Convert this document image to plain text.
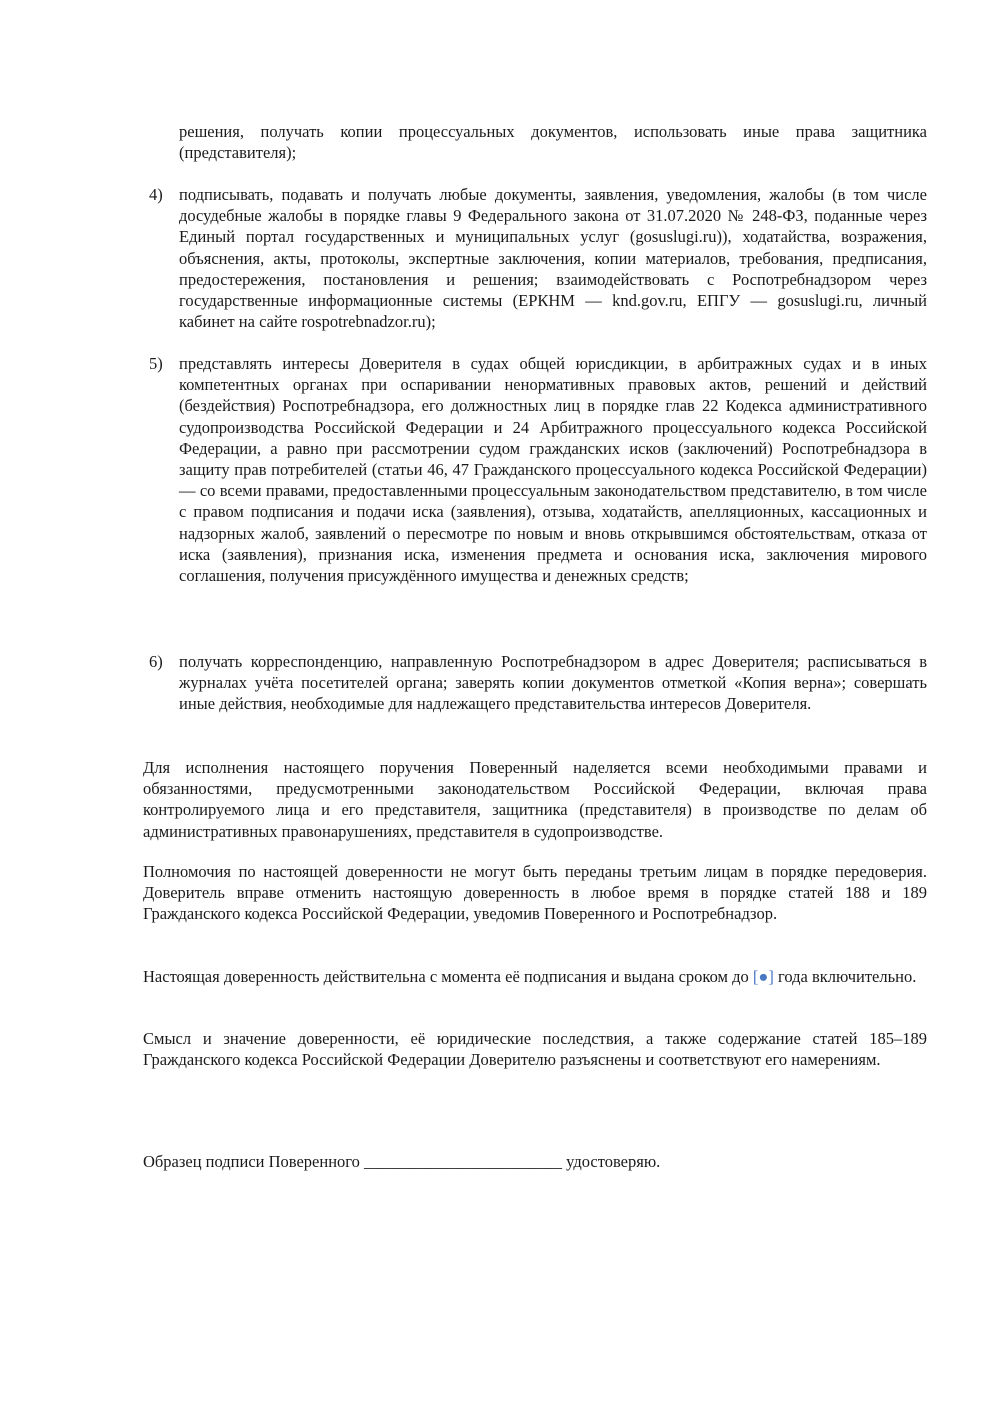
решения, получать копии процессуальных документов, использовать иные права защитника (представителя);
4) подписывать, подавать и получать любые документы, заявления, уведомления, жалобы (в том числе досудебные жалобы в порядке главы 9 Федерального закона от 31.07.2020 № 248-ФЗ, поданные через Единый портал государственных и муниципальных услуг (gosuslugi.ru)), ходатайства, возражения, объяснения, акты, протоколы, экспертные заключения, копии материалов, требования, предписания, предостережения, постановления и решения; взаимодействовать с Роспотребнадзором через государственные информационные системы (ЕРКНМ — knd.gov.ru, ЕПГУ — gosuslugi.ru, личный кабинет на сайте rospotrebnadzor.ru);
5) представлять интересы Доверителя в судах общей юрисдикции, в арбитражных судах и в иных компетентных органах при оспаривании ненормативных правовых актов, решений и действий (бездействия) Роспотребнадзора, его должностных лиц в порядке глав 22 Кодекса административного судопроизводства Российской Федерации и 24 Арбитражного процессуального кодекса Российской Федерации, а равно при рассмотрении судом гражданских исков (заключений) Роспотребнадзора в защиту прав потребителей (статьи 46, 47 Гражданского процессуального кодекса Российской Федерации) — со всеми правами, предоставленными процессуальным законодательством представителю, в том числе с правом подписания и подачи иска (заявления), отзыва, ходатайств, апелляционных, кассационных и надзорных жалоб, заявлений о пересмотре по новым и вновь открывшимся обстоятельствам, отказа от иска (заявления), признания иска, изменения предмета и основания иска, заключения мирового соглашения, получения присуждённого имущества и денежных средств;
6) получать корреспонденцию, направленную Роспотребнадзором в адрес Доверителя; расписываться в журналах учёта посетителей органа; заверять копии документов отметкой «Копия верна»; совершать иные действия, необходимые для надлежащего представительства интересов Доверителя.
Для исполнения настоящего поручения Поверенный наделяется всеми необходимыми правами и обязанностями, предусмотренными законодательством Российской Федерации, включая права контролируемого лица и его представителя, защитника (представителя) в производстве по делам об административных правонарушениях, представителя в судопроизводстве.
Полномочия по настоящей доверенности не могут быть переданы третьим лицам в порядке передоверия. Доверитель вправе отменить настоящую доверенность в любое время в порядке статей 188 и 189 Гражданского кодекса Российской Федерации, уведомив Поверенного и Роспотребнадзор.
Настоящая доверенность действительна с момента её подписания и выдана сроком до [●] года включительно.
Смысл и значение доверенности, её юридические последствия, а также содержание статей 185–189 Гражданского кодекса Российской Федерации Доверителю разъяснены и соответствуют его намерениям.
Образец подписи Поверенного ________________________ удостоверяю.
